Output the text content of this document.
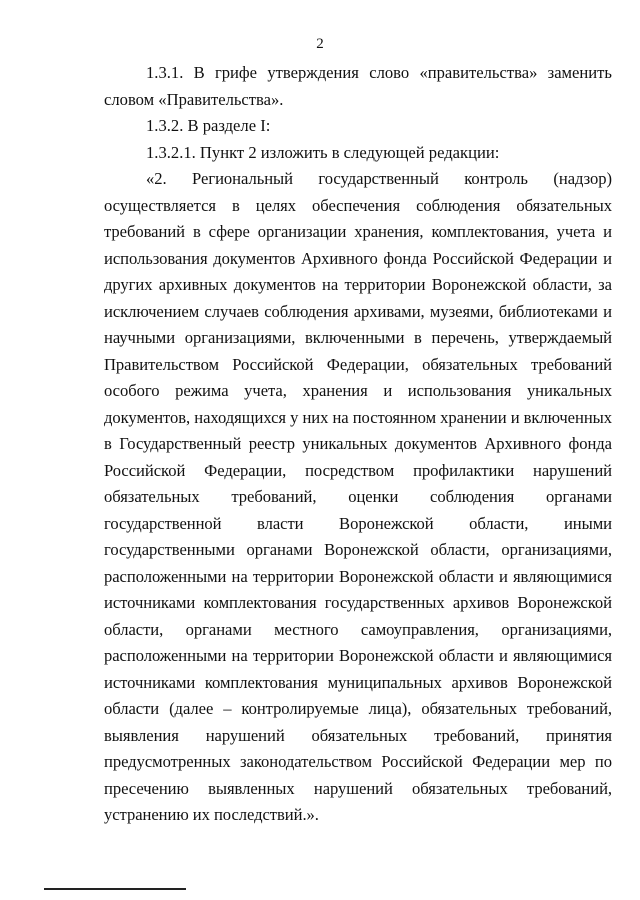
2

1.3.1. В грифе утверждения слово «правительства» заменить словом «Правительства».

1.3.2. В разделе I:

1.3.2.1. Пункт 2 изложить в следующей редакции:

«2. Региональный государственный контроль (надзор) осуществляется в целях обеспечения соблюдения обязательных требований в сфере организации хранения, комплектования, учета и использования документов Архивного фонда Российской Федерации и других архивных документов на территории Воронежской области, за исключением случаев соблюдения архивами, музеями, библиотеками и научными организациями, включенными в перечень, утверждаемый Правительством Российской Федерации, обязательных требований особого режима учета, хранения и использования уникальных документов, находящихся у них на постоянном хранении и включенных в Государственный реестр уникальных документов Архивного фонда Российской Федерации, посредством профилактики нарушений обязательных требований, оценки соблюдения органами государственной власти Воронежской области, иными государственными органами Воронежской области, организациями, расположенными на территории Воронежской области и являющимися источниками комплектования государственных архивов Воронежской области, органами местного самоуправления, организациями, расположенными на территории Воронежской области и являющимися источниками комплектования муниципальных архивов Воронежской области (далее – контролируемые лица), обязательных требований, выявления нарушений обязательных требований, принятия предусмотренных законодательством Российской Федерации мер по пресечению выявленных нарушений обязательных требований, устранению их последствий.».
